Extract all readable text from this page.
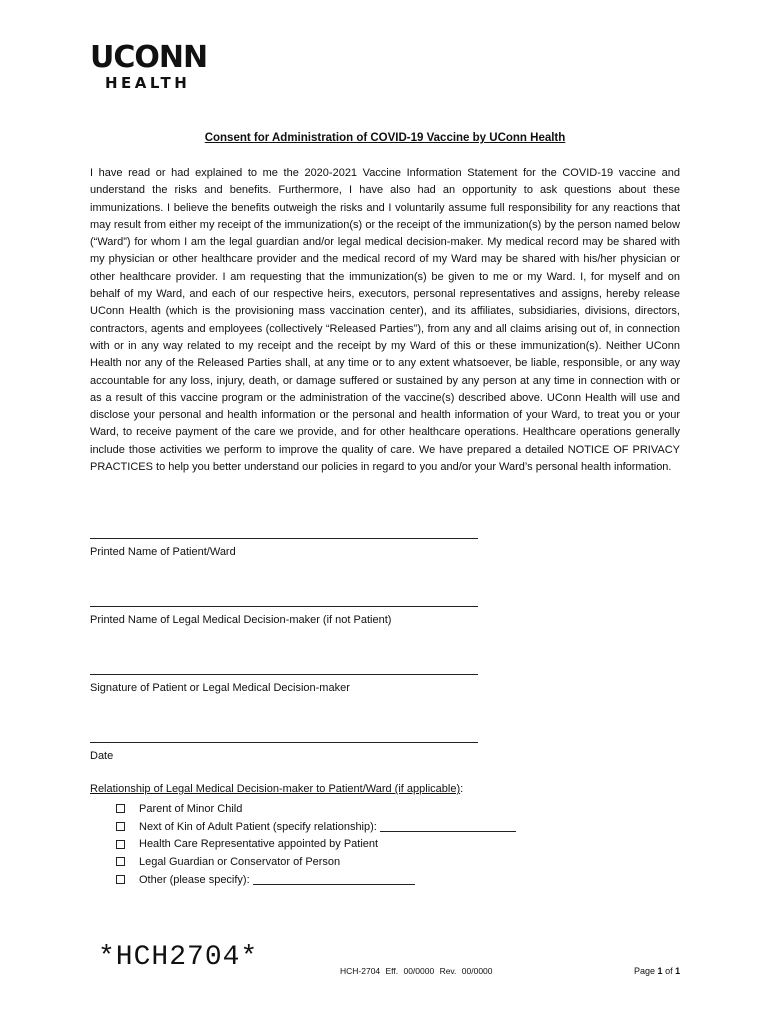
UCONN
HEALTH
Consent for Administration of COVID-19 Vaccine by UConn Health
I have read or had explained to me the 2020-2021 Vaccine Information Statement for the COVID-19 vaccine and understand the risks and benefits. Furthermore, I have also had an opportunity to ask questions about these immunizations. I believe the benefits outweigh the risks and I voluntarily assume full responsibility for any reactions that may result from either my receipt of the immunization(s) or the receipt of the immunization(s) by the person named below (“Ward”) for whom I am the legal guardian and/or legal medical decision-maker. My medical record may be shared with my physician or other healthcare provider and the medical record of my Ward may be shared with his/her physician or other healthcare provider. I am requesting that the immunization(s) be given to me or my Ward. I, for myself and on behalf of my Ward, and each of our respective heirs, executors, personal representatives and assigns, hereby release UConn Health (which is the provisioning mass vaccination center), and its affiliates, subsidiaries, divisions, directors, contractors, agents and employees (collectively “Released Parties”), from any and all claims arising out of, in connection with or in any way related to my receipt and the receipt by my Ward of this or these immunization(s). Neither UConn Health nor any of the Released Parties shall, at any time or to any extent whatsoever, be liable, responsible, or any way accountable for any loss, injury, death, or damage suffered or sustained by any person at any time in connection with or as a result of this vaccine program or the administration of the vaccine(s) described above. UConn Health will use and disclose your personal and health information or the personal and health information of your Ward, to treat you or your Ward, to receive payment of the care we provide, and for other healthcare operations. Healthcare operations generally include those activities we perform to improve the quality of care. We have prepared a detailed NOTICE OF PRIVACY PRACTICES to help you better understand our policies in regard to you and/or your Ward’s personal health information.
Printed Name of Patient/Ward
Printed Name of Legal Medical Decision-maker (if not Patient)
Signature of Patient or Legal Medical Decision-maker
Date
Relationship of Legal Medical Decision-maker to Patient/Ward (if applicable):
Parent of Minor Child
Next of Kin of Adult Patient (specify relationship):
Health Care Representative appointed by Patient
Legal Guardian or Conservator of Person
Other (please specify):
*HCH2704*	HCH-2704 Eff. 00/0000 Rev. 00/0000	Page 1 of 1
